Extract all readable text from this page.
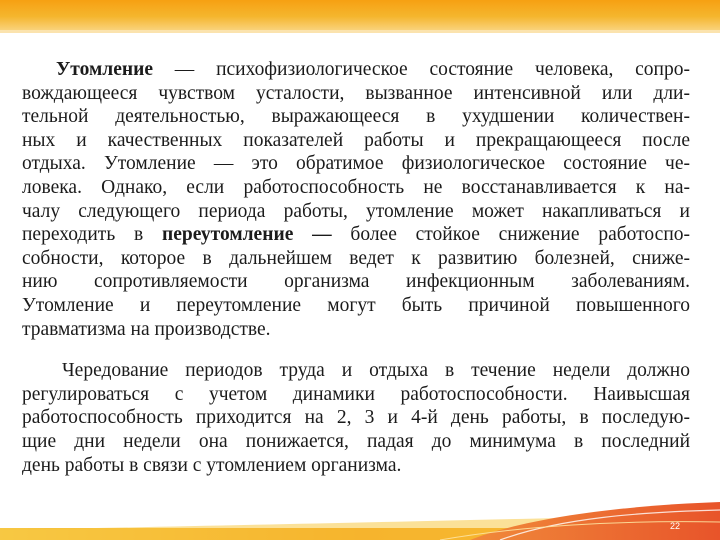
Утомление — психофизиологическое состояние человека, сопро-
вождающееся чувством усталости, вызванное интенсивной или дли-
тельной деятельностью, выражающееся в ухудшении количествен-
ных и качественных показателей работы и прекращающееся после
отдыха. Утомление — это обратимое физиологическое состояние че-
ловека. Однако, если работоспособность не восстанавливается к на-
чалу следующего периода работы, утомление может накапливаться и
переходить в переутомление — более стойкое снижение работоспо-
собности, которое в дальнейшем ведет к развитию болезней, сниже-
нию сопротивляемости организма инфекционным заболеваниям.
Утомление и переутомление могут быть причиной повышенного
травматизма на производстве.
Чередование периодов труда и отдыха в течение недели должно
регулироваться с учетом динамики работоспособности. Наивысшая
работоспособность приходится на 2, 3 и 4-й день работы, в последую-
щие дни недели она понижается, падая до минимума в последний
день работы в связи с утомлением организма.
22
